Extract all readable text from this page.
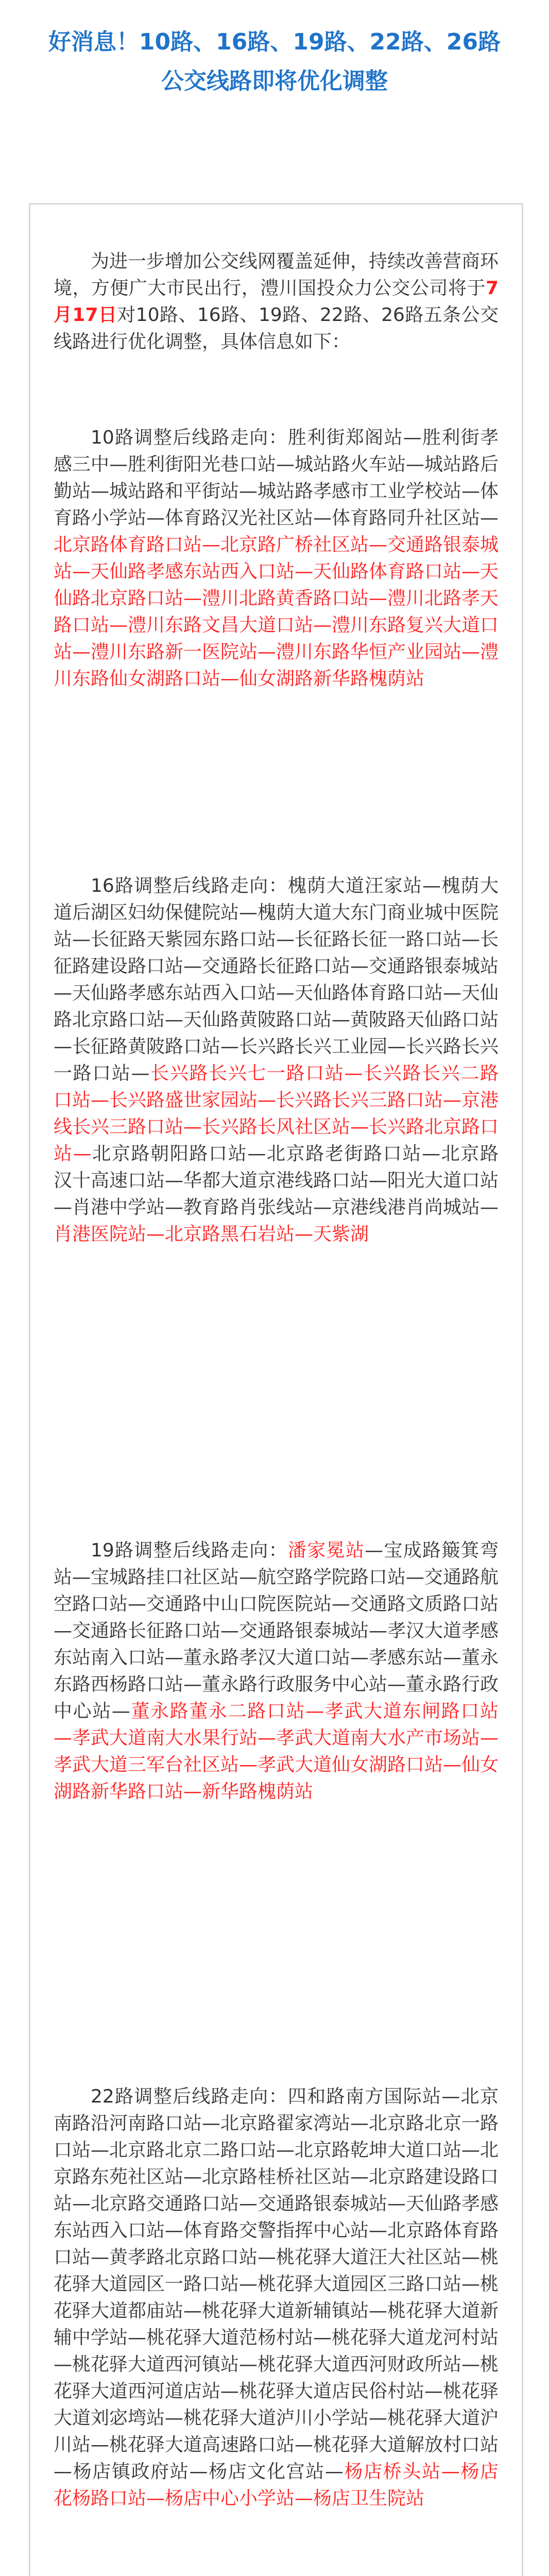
好消息！10路、16路、19路、22路、26路
公交线路即将优化调整

为进一步增加公交线网覆盖延伸，持续改善营商环境，方便广大市民出行，澧川国投众力公交公司将于7月17日对10路、16路、19路、22路、26路五条公交线路进行优化调整，具体信息如下：

10路调整后线路走向：胜利街郑阁站—胜利街孝感三中—胜利街阳光巷口站—城站路火车站—城站路后勤站—城站路和平街站—城站路孝感市工业学校站—体育路小学站—体育路汉光社区站—体育路同升社区站—北京路体育路口站—北京路广桥社区站—交通路银泰城站—天仙路孝感东站西入口站—天仙路体育路口站—天仙路北京路口站—澧川北路黄香路口站—澧川北路孝天路口站—澧川东路文昌大道口站—澧川东路复兴大道口站—澧川东路新一医院站—澧川东路华恒产业园站—澧川东路仙女湖路口站—仙女湖路新华路槐荫站

16路调整后线路走向：槐荫大道汪家站—槐荫大道后湖区妇幼保健院站—槐荫大道大东门商业城中医院站—长征路天紫园东路口站—长征路长征一路口站—长征路建设路口站—交通路长征路口站—交通路银泰城站—天仙路孝感东站西入口站—天仙路体育路口站—天仙路北京路口站—天仙路黄陂路口站—黄陂路天仙路口站—长征路黄陂路口站—长兴路长兴工业园—长兴路长兴一路口站—长兴路长兴七一路口站—长兴路长兴二路口站—长兴路盛世家园站—长兴路长兴三路口站—京港线长兴三路口站—长兴路长风社区站—长兴路北京路口站—北京路朝阳路口站—北京路老街路口站—北京路汉十高速口站—华都大道京港线路口站—阳光大道口站—肖港中学站—教育路肖张线站—京港线港肖尚城站—肖港医院站—北京路黑石岩站—天紫湖

19路调整后线路走向：潘家冕站—宝成路簸箕弯站—宝城路挂口社区站—航空路学院路口站—交通路航空路口站—交通路中山口院医院站—交通路文质路口站—交通路长征路口站—交通路银泰城站—孝汉大道孝感东站南入口站—董永路孝汉大道口站—孝感东站—董永东路西杨路口站—董永路行政服务中心站—董永路行政中心站—董永路董永二路口站—孝武大道东闸路口站—孝武大道南大水果行站—孝武大道南大水产市场站—孝武大道三军台社区站—孝武大道仙女湖路口站—仙女湖路新华路口站—新华路槐荫站

22路调整后线路走向：四和路南方国际站—北京南路沿河南路口站—北京路翟家湾站—北京路北京一路口站—北京路北京二路口站—北京路乾坤大道口站—北京路东苑社区站—北京路桂桥社区站—北京路建设路口站—北京路交通路口站—交通路银泰城站—天仙路孝感东站西入口站—体育路交警指挥中心站—北京路体育路口站—黄孝路北京路口站—桃花驿大道汪大社区站—桃花驿大道园区一路口站—桃花驿大道园区三路口站—桃花驿大道都庙站—桃花驿大道新辅镇站—桃花驿大道新辅中学站—桃花驿大道范杨村站—桃花驿大道龙河村站—桃花驿大道西河镇站—桃花驿大道西河财政所站—桃花驿大道西河道店站—桃花驿大道店民俗村站—桃花驿大道刘宓塆站—桃花驿大道泸川小学站—桃花驿大道沪川站—桃花驿大道高速路口站—桃花驿大道解放村口站—杨店镇政府站—杨店文化宫站—杨店桥头站—杨店花杨路口站—杨店中心小学站—杨店卫生院站
